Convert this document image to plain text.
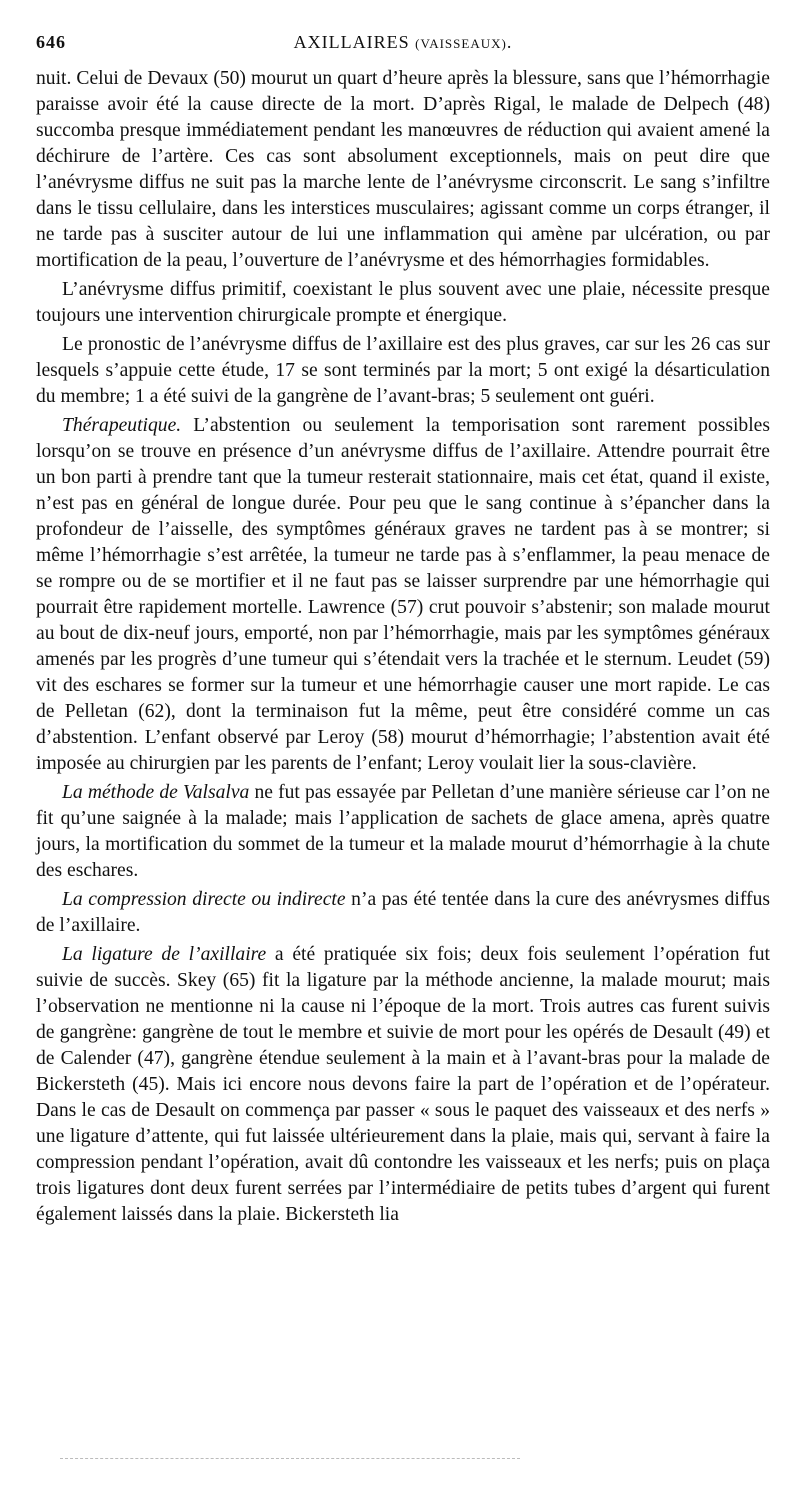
646	AXILLAIRES (VAISSEAUX).

nuit. Celui de Devaux (50) mourut un quart d’heure après la blessure, sans que l’hémorrhagie paraisse avoir été la cause directe de la mort. D’après Rigal, le malade de Delpech (48) succomba presque immédiatement pendant les manœuvres de réduction qui avaient amené la déchirure de l’artère. Ces cas sont absolument exceptionnels, mais on peut dire que l’anévrysme diffus ne suit pas la marche lente de l’anévrysme circonscrit. Le sang s’infiltre dans le tissu cellulaire, dans les interstices musculaires; agissant comme un corps étranger, il ne tarde pas à susciter autour de lui une inflammation qui amène par ulcération, ou par mortification de la peau, l’ouverture de l’anévrysme et des hémorrhagies formidables.

L’anévrysme diffus primitif, coexistant le plus souvent avec une plaie, nécessite presque toujours une intervention chirurgicale prompte et énergique.

Le pronostic de l’anévrysme diffus de l’axillaire est des plus graves, car sur les 26 cas sur lesquels s’appuie cette étude, 17 se sont terminés par la mort; 5 ont exigé la désarticulation du membre; 1 a été suivi de la gangrène de l’avant-bras; 5 seulement ont guéri.

Thérapeutique. L’abstention ou seulement la temporisation sont rarement possibles lorsqu’on se trouve en présence d’un anévrysme diffus de l’axillaire. Attendre pourrait être un bon parti à prendre tant que la tumeur resterait stationnaire, mais cet état, quand il existe, n’est pas en général de longue durée. Pour peu que le sang continue à s’épancher dans la profondeur de l’aisselle, des symptômes généraux graves ne tardent pas à se montrer; si même l’hémorrhagie s’est arrêtée, la tumeur ne tarde pas à s’enflammer, la peau menace de se rompre ou de se mortifier et il ne faut pas se laisser surprendre par une hémorrhagie qui pourrait être rapidement mortelle. Lawrence (57) crut pouvoir s’abstenir; son malade mourut au bout de dix-neuf jours, emporté, non par l’hémorrhagie, mais par les symptômes généraux amenés par les progrès d’une tumeur qui s’étendait vers la trachée et le sternum. Leudet (59) vit des eschares se former sur la tumeur et une hémorrhagie causer une mort rapide. Le cas de Pelletan (62), dont la terminaison fut la même, peut être considéré comme un cas d’abstention. L’enfant observé par Leroy (58) mourut d’hémorrhagie; l’abstention avait été imposée au chirurgien par les parents de l’enfant; Leroy voulait lier la sous-clavière.

La méthode de Valsalva ne fut pas essayée par Pelletan d’une manière sérieuse car l’on ne fit qu’une saignée à la malade; mais l’application de sachets de glace amena, après quatre jours, la mortification du sommet de la tumeur et la malade mourut d’hémorrhagie à la chute des eschares.

La compression directe ou indirecte n’a pas été tentée dans la cure des anévrysmes diffus de l’axillaire.

La ligature de l’axillaire a été pratiquée six fois; deux fois seulement l’opération fut suivie de succès. Skey (65) fit la ligature par la méthode ancienne, la malade mourut; mais l’observation ne mentionne ni la cause ni l’époque de la mort. Trois autres cas furent suivis de gangrène: gangrène de tout le membre et suivie de mort pour les opérés de Desault (49) et de Calender (47), gangrène étendue seulement à la main et à l’avant-bras pour la malade de Bickersteth (45). Mais ici encore nous devons faire la part de l’opération et de l’opérateur. Dans le cas de Desault on commença par passer « sous le paquet des vaisseaux et des nerfs » une ligature d’attente, qui fut laissée ultérieurement dans la plaie, mais qui, servant à faire la compression pendant l’opération, avait dû contondre les vaisseaux et les nerfs; puis on plaça trois ligatures dont deux furent serrées par l’intermédiaire de petits tubes d’argent qui furent également laissés dans la plaie. Bickersteth lia
